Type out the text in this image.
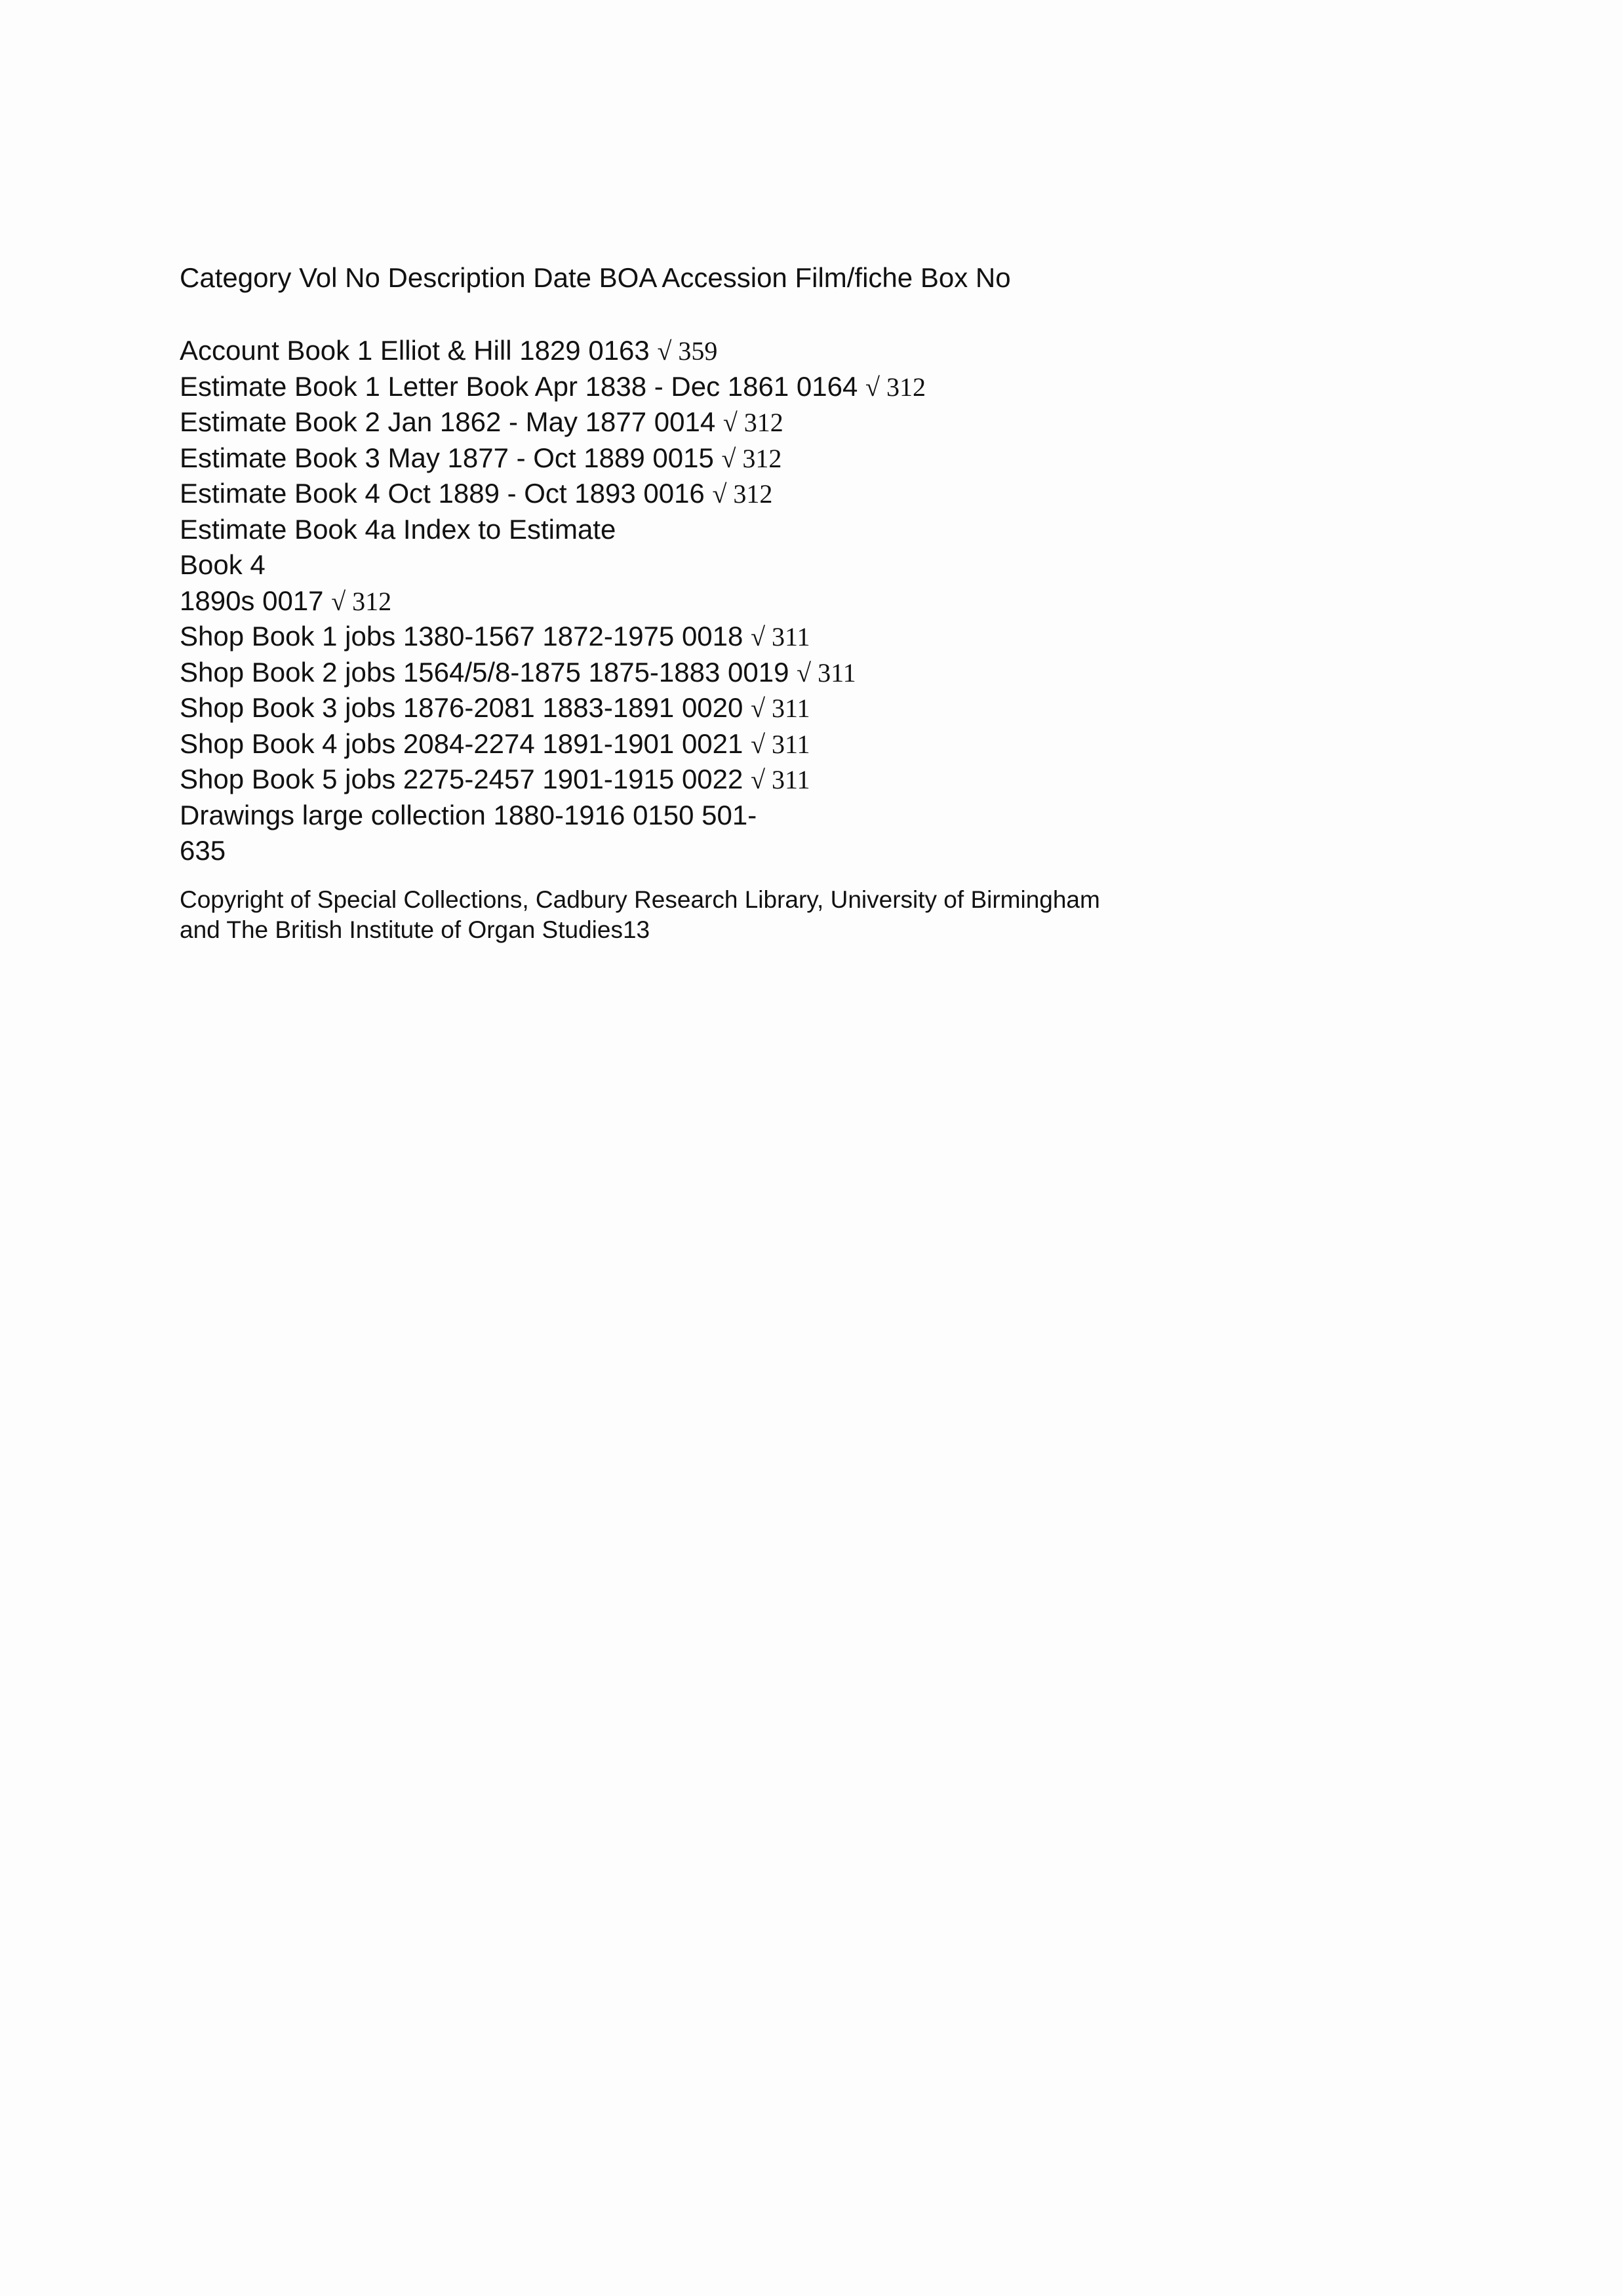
Category Vol No Description Date BOA Accession Film/fiche Box No
Account Book 1 Elliot & Hill 1829 0163 √ 359
Estimate Book 1 Letter Book Apr 1838 - Dec 1861 0164 √ 312
Estimate Book 2 Jan 1862 - May 1877 0014 √ 312
Estimate Book 3 May 1877 - Oct 1889 0015 √ 312
Estimate Book 4 Oct 1889 - Oct 1893 0016 √ 312
Estimate Book 4a Index to Estimate
Book 4
1890s 0017 √ 312
Shop Book 1 jobs 1380-1567 1872-1975 0018 √ 311
Shop Book 2 jobs 1564/5/8-1875 1875-1883 0019 √ 311
Shop Book 3 jobs 1876-2081 1883-1891 0020 √ 311
Shop Book 4 jobs 2084-2274 1891-1901 0021 √ 311
Shop Book 5 jobs 2275-2457 1901-1915 0022 √ 311
Drawings large collection 1880-1916 0150 501-
635
Copyright of Special Collections, Cadbury Research Library, University of Birmingham
and The British Institute of Organ Studies13
